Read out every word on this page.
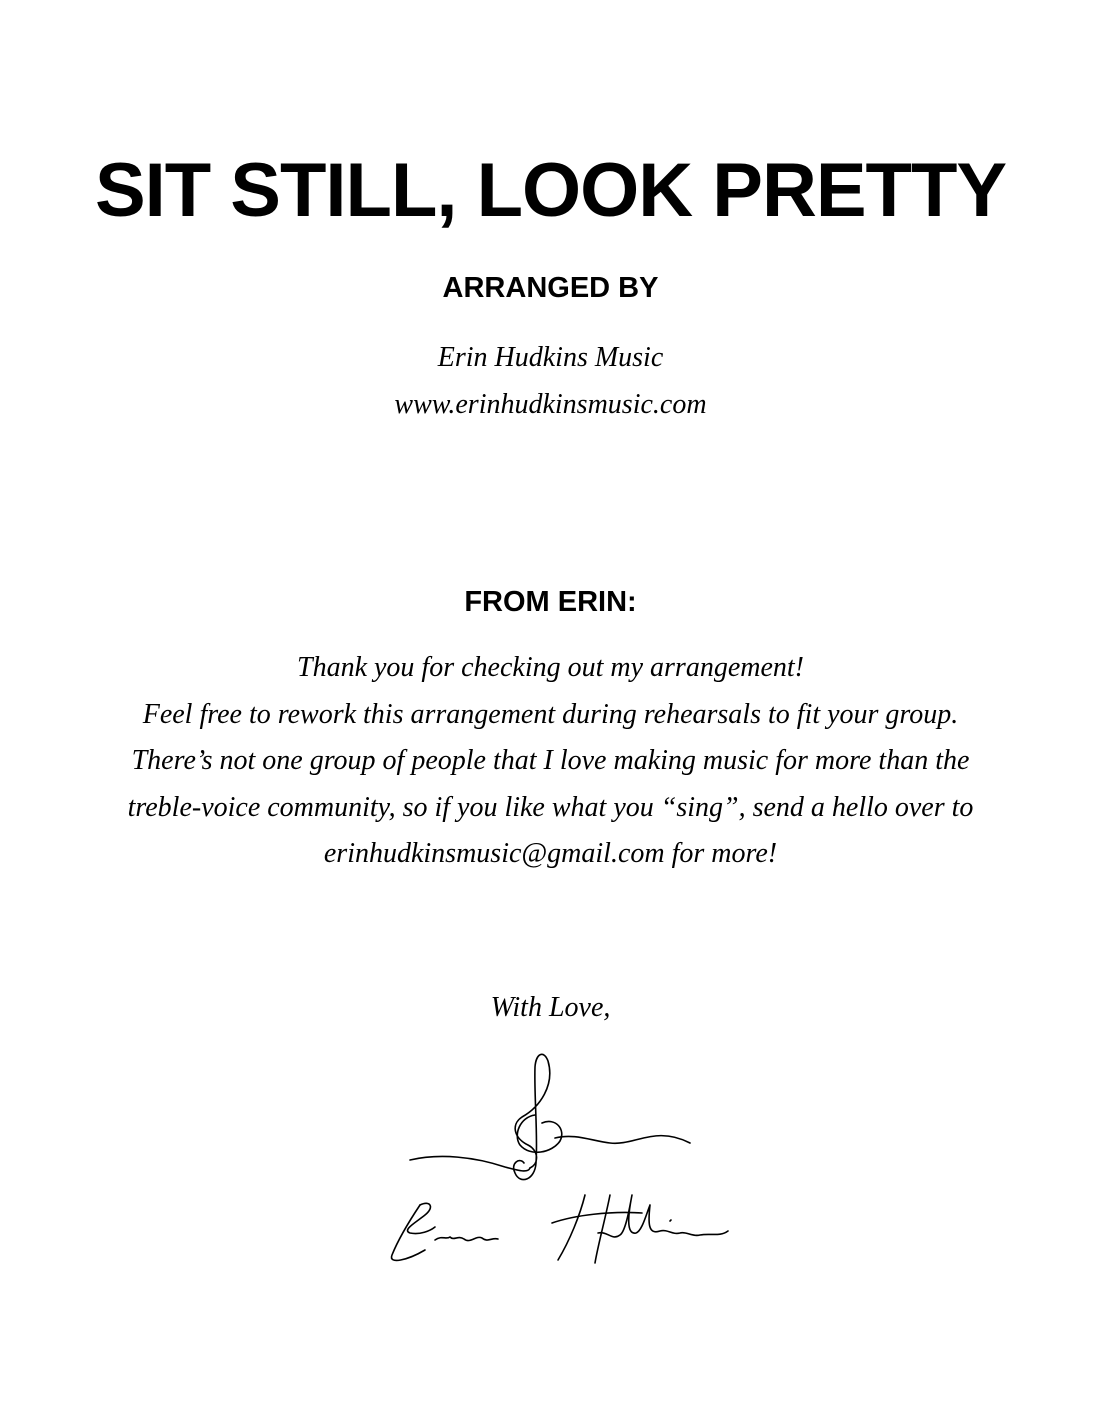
SIT STILL, LOOK PRETTY
ARRANGED BY
Erin Hudkins Music
www.erinhudkinsmusic.com
FROM ERIN:
Thank you for checking out my arrangement!
Feel free to rework this arrangement during rehearsals to fit your group.
There’s not one group of people that I love making music for more than the
treble-voice community, so if you like what you “sing”, send a hello over to
erinhudkinsmusic@gmail.com for more!
With Love,
